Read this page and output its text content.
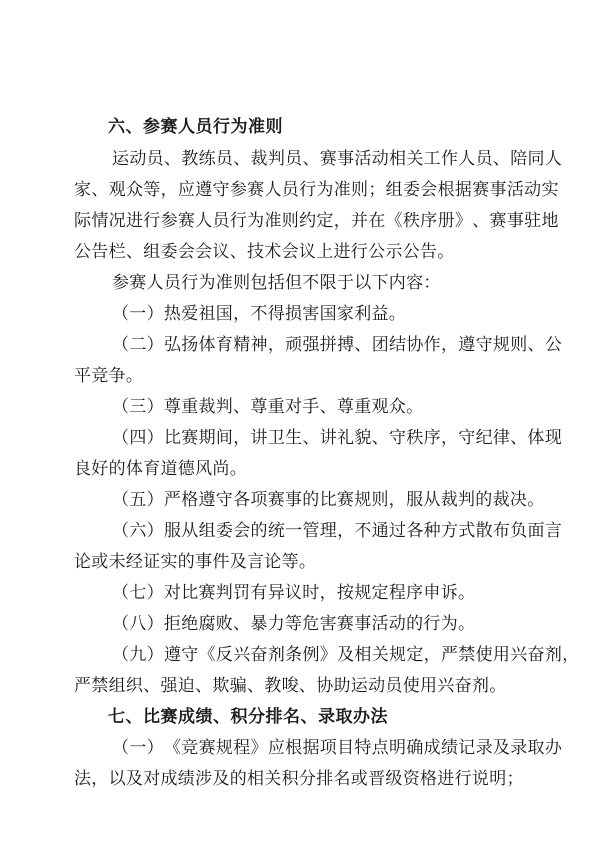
六、参赛人员行为准则
运 动 员 、 教 练 员 、 裁 判 员 、 赛 事 活 动 相 关 工 作 人 员 、 陪 同 人
家 、 观 众 等 ， 应 遵 守 参 赛 人 员 行 为 准 则 ； 组 委 会 根 据 赛 事 活 动 实
际 情 况 进 行 参 赛 人 员 行 为 准 则 约 定 ， 并 在 《 秩 序 册 》 、 赛 事 驻 地
公告栏、组委会会议、技术会议上进行公示公告。
参赛人员行为准则包括但不限于以下内容：
（一）热爱祖国，不得损害国家利益。
（ 二 ） 弘 扬 体 育 精 神 ， 顽 强 拼 搏 、 团 结 协 作 ， 遵 守 规 则 、 公
平竞争。
（三）尊重裁判、尊重对手、尊重观众。
（ 四 ） 比 赛 期 间 ， 讲 卫 生 、 讲 礼 貌 、 守 秩 序 ， 守 纪 律 、 体 现
良好的体育道德风尚。
（五）严格遵守各项赛事的比赛规则，服从裁判的裁决。
（ 六 ） 服 从 组 委 会 的 统 一 管 理 ， 不 通 过 各 种 方 式 散 布 负 面 言
论或未经证实的事件及言论等。
（七）对比赛判罚有异议时，按规定程序申诉。
（八）拒绝腐败、暴力等危害赛事活动的行为。
（ 九 ） 遵 守 《 反 兴 奋 剂 条 例 》 及 相 关 规 定 ， 严 禁 使 用 兴 奋 剂 ，
严禁组织、强迫、欺骗、教唆、协助运动员使用兴奋剂。
七、比赛成绩、积分排名、录取办法
（ 一 ） 《 竞 赛 规 程 》 应 根 据 项 目 特 点 明 确 成 绩 记 录 及 录 取 办
法，以及对成绩涉及的相关积分排名或晋级资格进行说明；
